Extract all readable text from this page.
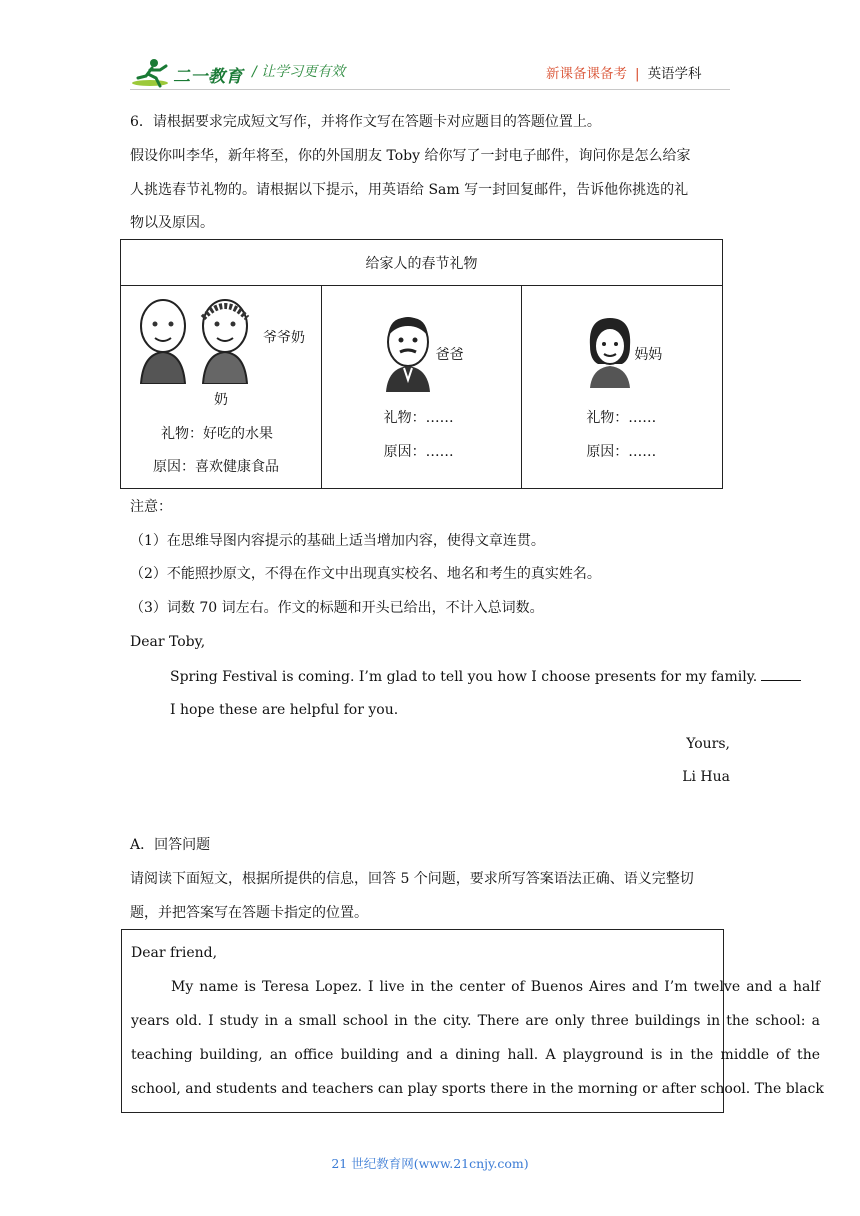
二一教育 / 让学习更有效	新课备课备考 | 英语学科
6．请根据要求完成短文写作，并将作文写在答题卡对应题目的答题位置上。
假设你叫李华，新年将至，你的外国朋友 Toby 给你写了一封电子邮件，询问你是怎么给家
人挑选春节礼物的。请根据以下提示，用英语给 Sam 写一封回复邮件，告诉他你挑选的礼
物以及原因。
给家人的春节礼物

爷爷奶
奶
礼物：好吃的水果
原因：喜欢健康食品

爸爸
礼物：……
原因：……

妈妈
礼物：……
原因：……
注意：
（1）在思维导图内容提示的基础上适当增加内容，使得文章连贯。
（2）不能照抄原文，不得在作文中出现真实校名、地名和考生的真实姓名。
（3）词数 70 词左右。作文的标题和开头已给出，不计入总词数。
Dear Toby,
Spring Festival is coming. I’m glad to tell you how I choose presents for my family.
I hope these are helpful for you.
Yours,
Li Hua
A．回答问题
请阅读下面短文，根据所提供的信息，回答 5 个问题，要求所写答案语法正确、语义完整切
题，并把答案写在答题卡指定的位置。
Dear friend,
My name is Teresa Lopez. I live in the center of Buenos Aires and I’m twelve and a half
years old. I study in a small school in the city. There are only three buildings in the school: a
teaching building, an office building and a dining hall. A playground is in the middle of the
school, and students and teachers can play sports there in the morning or after school. The black
21 世纪教育网(www.21cnjy.com)
